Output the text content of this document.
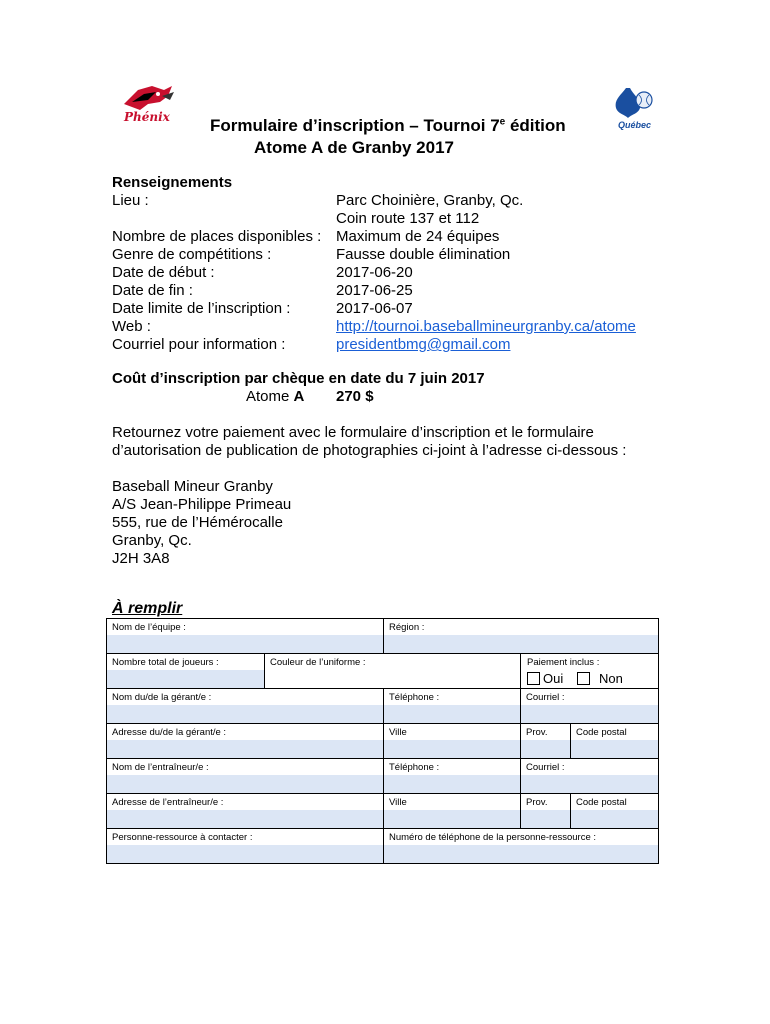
Phénix
Québec
Formulaire d’inscription – Tournoi 7e édition
Atome A de Granby 2017
Renseignements
Lieu :	Parc Choinière, Granby, Qc.
Coin route 137 et 112
Nombre de places disponibles : Maximum de 24 équipes
Genre de compétitions :	Fausse double élimination
Date de début :	2017-06-20
Date de fin :	2017-06-25
Date limite de l’inscription :	2017-06-07
Web :	http://tournoi.baseballmineurgranby.ca/atome
Courriel pour information :	presidentbmg@gmail.com
Coût d’inscription par chèque en date du 7 juin 2017
Atome A 270 $
Retournez votre paiement avec le formulaire d’inscription et le formulaire
d’autorisation de publication de photographies ci-joint à l’adresse ci-dessous :
Baseball Mineur Granby
A/S Jean-Philippe Primeau
555, rue de l’Hémérocalle
Granby, Qc.
J2H 3A8
À remplir
Nom de l’équipe :	Région :
Nombre total de joueurs :	Couleur de l’uniforme :	Paiement inclus :
Oui	Non
Nom du/de la gérant/e :	Téléphone :	Courriel :
Adresse du/de la gérant/e :	Ville	Prov.	Code postal
Nom de l’entraîneur/e :	Téléphone :	Courriel :
Adresse de l’entraîneur/e :	Ville	Prov.	Code postal
Personne-ressource à contacter :	Numéro de téléphone de la personne-ressource :
